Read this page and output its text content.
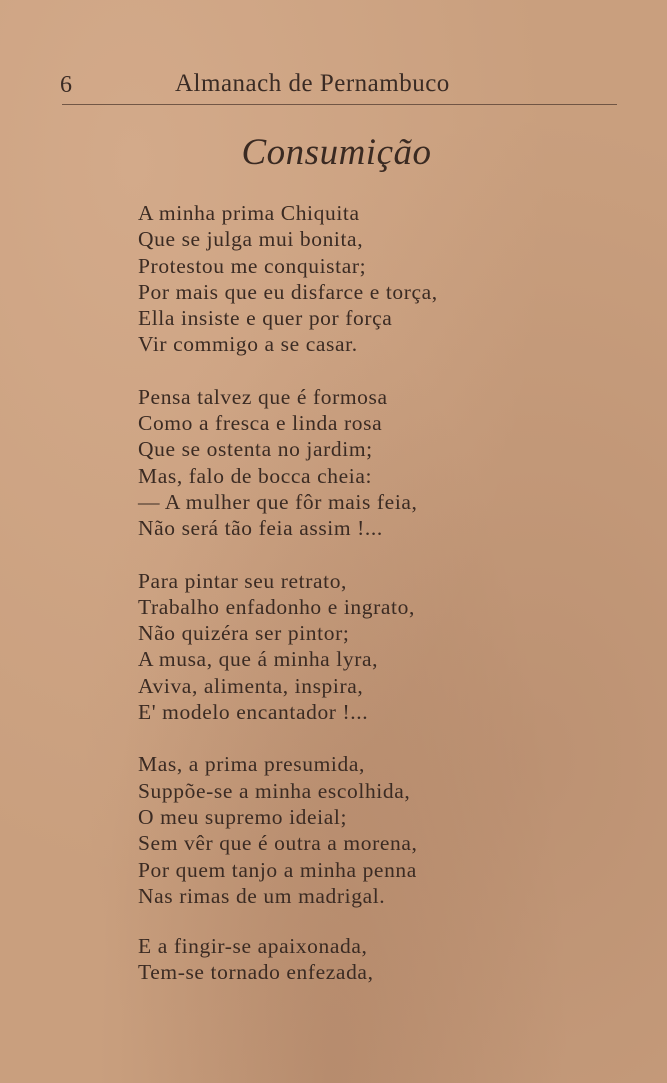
6	Almanach de Pernambuco
Consumição
A minha prima Chiquita
Que se julga mui bonita,
Protestou me conquistar;
Por mais que eu disfarce e torça,
Ella insiste e quer por força
Vir commigo a se casar.
Pensa talvez que é formosa
Como a fresca e linda rosa
Que se ostenta no jardim;
Mas, falo de bocca cheia:
— A mulher que fôr mais feia,
Não será tão feia assim !...
Para pintar seu retrato,
Trabalho enfadonho e ingrato,
Não quizéra ser pintor;
A musa, que á minha lyra,
Aviva, alimenta, inspira,
E' modelo encantador !...
Mas, a prima presumida,
Suppõe-se a minha escolhida,
O meu supremo ideial;
Sem vêr que é outra a morena,
Por quem tanjo a minha penna
Nas rimas de um madrigal.
E a fingir-se apaixonada,
Tem-se tornado enfezada,
